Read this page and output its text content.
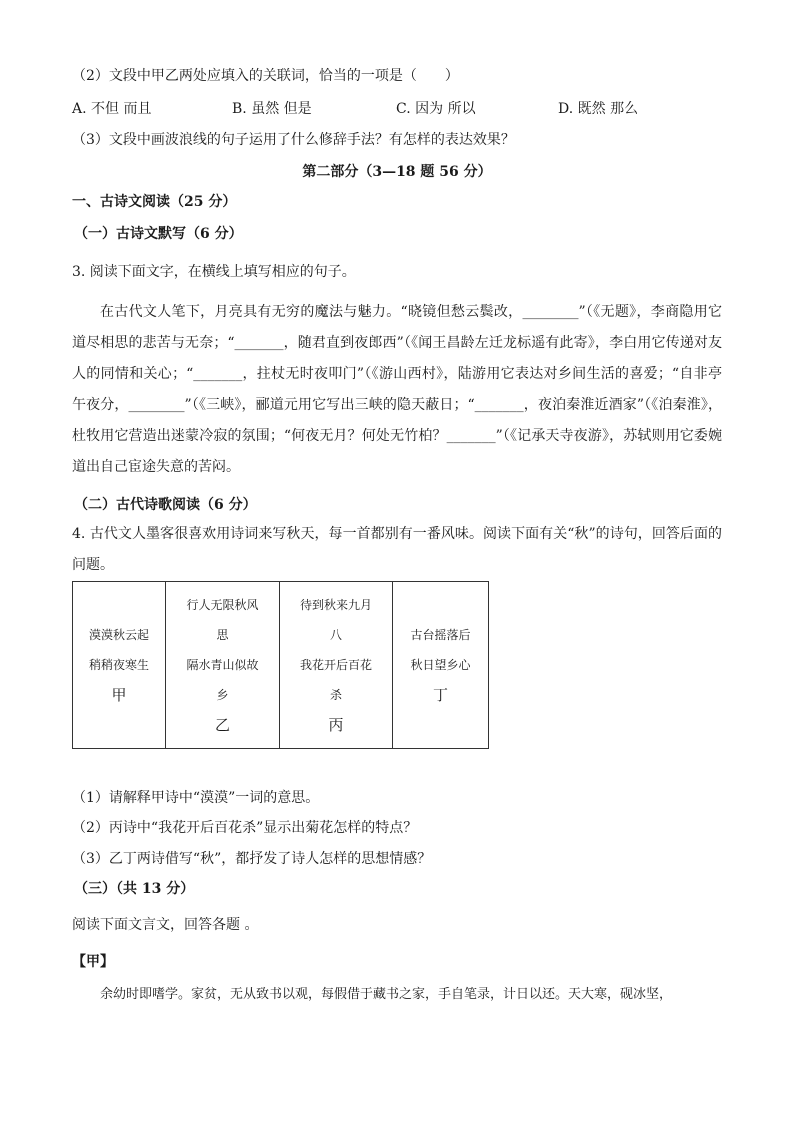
（2）文段中甲乙两处应填入的关联词，恰当的一项是（　　）
A. 不但 而且	B. 虽然 但是	C. 因为 所以	D. 既然 那么
（3）文段中画波浪线的句子运用了什么修辞手法？有怎样的表达效果？
第二部分（3—18 题 56 分）
一、古诗文阅读（25 分）
（一）古诗文默写（6 分）
3. 阅读下面文字，在横线上填写相应的句子。
在古代文人笔下，月亮具有无穷的魔法与魅力。“晓镜但愁云鬓改，________”（《无题》，李商隐用它道尽相思的悲苦与无奈；“_______，随君直到夜郎西”（《闻王昌龄左迁龙标遥有此寄》，李白用它传递对友人的同情和关心；“_______，拄杖无时夜叩门”（《游山西村》，陆游用它表达对乡间生活的喜爱；“自非亭午夜分，________”（《三峡》，郦道元用它写出三峡的隐天蔽日；“_______，夜泊秦淮近酒家”（《泊秦淮》，杜牧用它营造出迷蒙冷寂的氛围；“何夜无月？何处无竹柏？_______”（《记承天寺夜游》，苏轼则用它委婉道出自己宦途失意的苦闷。
（二）古代诗歌阅读（6 分）
4. 古代文人墨客很喜欢用诗词来写秋天，每一首都别有一番风味。阅读下面有关“秋”的诗句，回答后面的问题。
漠漠秋云起
稍稍夜寒生

甲
	行人无限秋风
思
隔水青山似故
乡

乙
	待到秋来九月
八
我花开后百花
杀

丙
	古台摇落后
秋日望乡心

丁
（1）请解释甲诗中“漠漠”一词的意思。
（2）丙诗中“我花开后百花杀”显示出菊花怎样的特点？
（3）乙丁两诗借写“秋”，都抒发了诗人怎样的思想情感？
（三）（共 13 分）
阅读下面文言文，回答各题 。
【甲】
余幼时即嗜学。家贫，无从致书以观，每假借于藏书之家，手自笔录，计日以还。天大寒，砚冰坚，
